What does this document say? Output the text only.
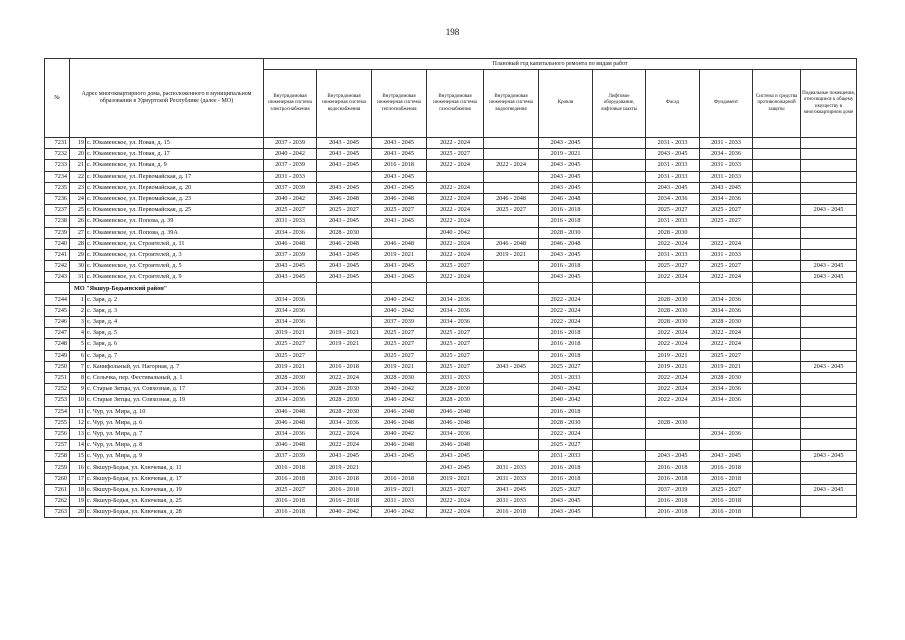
198
№	Адрес многоквартирного дома, расположенного в муниципальном образовании в Удмуртской Республике (далее - МО)		Плановый год капитального ремонта по видам работ										
			Внутридомовая инженерная система электроснабжения	Внутридомовая инженерная система водоснабжения	Внутридомовая инженерная система теплоснабжения	Внутридомовая инженерная система газоснабжения	Внутридомовая инженерная система водоотведения	Кровля	Лифтовое оборудование, лифтовые шахты	Фасад	Фундамент	Система и средства противопожарной защиты	Подвальные помещения, относящиеся к общему имуществу в многоквартирном доме
7231	19	с. Юкаменское, ул. Новая, д. 15	2037 - 2039	2043 - 2045	2043 - 2045	2022 - 2024		2043 - 2045		2031 - 2033	2031 - 2033		
7232	20	с. Юкаменское, ул. Новая, д. 17	2040 - 2042	2043 - 2045	2043 - 2045	2025 - 2027		2019 - 2021		2043 - 2045	2034 - 2036		
7233	21	с. Юкаменское, ул. Новая, д. 9	2037 - 2039	2043 - 2045	2016 - 2018	2022 - 2024	2022 - 2024	2043 - 2045		2031 - 2033	2031 - 2033		
7234	22	с. Юкаменское, ул. Первомайская, д. 17	2031 - 2033		2043 - 2045			2043 - 2045		2031 - 2033	2031 - 2033		
7235	23	с. Юкаменское, ул. Первомайская, д. 20	2037 - 2039	2043 - 2045	2043 - 2045	2022 - 2024		2043 - 2045		2043 - 2045	2043 - 2045		
7236	24	с. Юкаменское, ул. Первомайская, д. 23	2040 - 2042	2046 - 2048	2046 - 2048	2022 - 2024	2046 - 2048	2046 - 2048		2034 - 2036	2034 - 2036		
7237	25	с. Юкаменское, ул. Первомайская, д. 25	2025 - 2027	2025 - 2027	2025 - 2027	2022 - 2024	2025 - 2027	2016 - 2018		2025 - 2027	2025 - 2027		2043 - 2045
7238	26	с. Юкаменское, ул. Попова, д. 39	2031 - 2033	2043 - 2045	2043 - 2045	2022 - 2024		2016 - 2018		2031 - 2033	2025 - 2027		
7239	27	с. Юкаменское, ул. Попова, д. 39А	2034 - 2036	2028 - 2030		2040 - 2042		2028 - 2030		2028 - 2030			
7240	28	с. Юкаменское, ул. Строителей, д. 11	2046 - 2048	2046 - 2048	2046 - 2048	2022 - 2024	2046 - 2048	2046 - 2048		2022 - 2024	2022 - 2024		
7241	29	с. Юкаменское, ул. Строителей, д. 3	2037 - 2039	2043 - 2045	2019 - 2021	2022 - 2024	2019 - 2021	2043 - 2045		2031 - 2033	2031 - 2033		
7242	30	с. Юкаменское, ул. Строителей, д. 5	2043 - 2045	2043 - 2045	2043 - 2045	2025 - 2027		2016 - 2018		2025 - 2027	2025 - 2027		2043 - 2045
7243	31	с. Юкаменское, ул. Строителей, д. 9	2043 - 2045	2043 - 2045	2043 - 2045	2022 - 2024		2043 - 2045		2022 - 2024	2022 - 2024		2043 - 2045
	МО "Якшур-Бодьинский район"												
7244	1	с. Заря, д. 2	2034 - 2036		2040 - 2042	2034 - 2036		2022 - 2024		2028 - 2030	2034 - 2036		
7245	2	с. Заря, д. 3	2034 - 2036		2040 - 2042	2034 - 2036		2022 - 2024		2028 - 2030	2034 - 2036		
7246	3	с. Заря, д. 4	2034 - 2036		2037 - 2039	2034 - 2036		2022 - 2024		2028 - 2030	2028 - 2030		
7247	4	с. Заря, д. 5	2019 - 2021	2019 - 2021	2025 - 2027	2025 - 2027		2016 - 2018		2022 - 2024	2022 - 2024		
7248	5	с. Заря, д. 6	2025 - 2027	2019 - 2021	2025 - 2027	2025 - 2027		2016 - 2018		2022 - 2024	2022 - 2024		
7249	6	с. Заря, д. 7	2025 - 2027		2025 - 2027	2025 - 2027		2016 - 2018		2019 - 2021	2025 - 2027		
7250	7	с. Канифольный, ул. Нагорная, д. 7	2019 - 2021	2016 - 2018	2019 - 2021	2025 - 2027	2043 - 2045	2025 - 2027		2019 - 2021	2019 - 2021		2043 - 2045
7251	8	с. Селычка, пер. Фестивальный, д. 1	2028 - 2030	2022 - 2024	2028 - 2030	2031 - 2033		2031 - 2033		2022 - 2024	2028 - 2030		
7252	9	с. Старые Зятцы, ул. Совхозная, д. 17	2034 - 2036	2028 - 2030	2040 - 2042	2028 - 2030		2040 - 2042		2022 - 2024	2034 - 2036		
7253	10	с. Старые Зятцы, ул. Совхозная, д. 19	2034 - 2036	2028 - 2030	2040 - 2042	2028 - 2030		2040 - 2042		2022 - 2024	2034 - 2036		
7254	11	с. Чур, ул. Мира, д. 10	2046 - 2048	2028 - 2030	2046 - 2048	2046 - 2048		2016 - 2018					
7255	12	с. Чур, ул. Мира, д. 6	2046 - 2048	2034 - 2036	2046 - 2048	2046 - 2048		2028 - 2030		2028 - 2030			
7256	13	с. Чур, ул. Мира, д. 7	2034 - 2036	2022 - 2024	2040 - 2042	2034 - 2036		2022 - 2024			2034 - 2036		
7257	14	с. Чур, ул. Мира, д. 8	2046 - 2048	2022 - 2024	2046 - 2048	2046 - 2048		2025 - 2027					
7258	15	с. Чур, ул. Мира, д. 9	2037 - 2039	2043 - 2045	2043 - 2045	2043 - 2045		2031 - 2033		2043 - 2045	2043 - 2045		2043 - 2045
7259	16	с. Якшур-Бодья, ул. Ключевая, д. 11	2016 - 2018	2019 - 2021		2043 - 2045	2031 - 2033	2016 - 2018		2016 - 2018	2016 - 2018		
7260	17	с. Якшур-Бодья, ул. Ключевая, д. 17	2016 - 2018	2016 - 2018	2016 - 2018	2019 - 2021	2031 - 2033	2016 - 2018		2016 - 2018	2016 - 2018		
7261	18	с. Якшур-Бодья, ул. Ключевая, д. 19	2025 - 2027	2016 - 2018	2019 - 2021	2025 - 2027	2043 - 2045	2025 - 2027		2037 - 2039	2025 - 2027		2043 - 2045
7262	19	с. Якшур-Бодья, ул. Ключевая, д. 25	2016 - 2018	2016 - 2018	2031 - 2033	2022 - 2024	2031 - 2033	2043 - 2045		2016 - 2018	2016 - 2018		
7263	20	с. Якшур-Бодья, ул. Ключевая, д. 28	2016 - 2018	2040 - 2042	2040 - 2042	2022 - 2024	2016 - 2018	2043 - 2045		2016 - 2018	2016 - 2018		
